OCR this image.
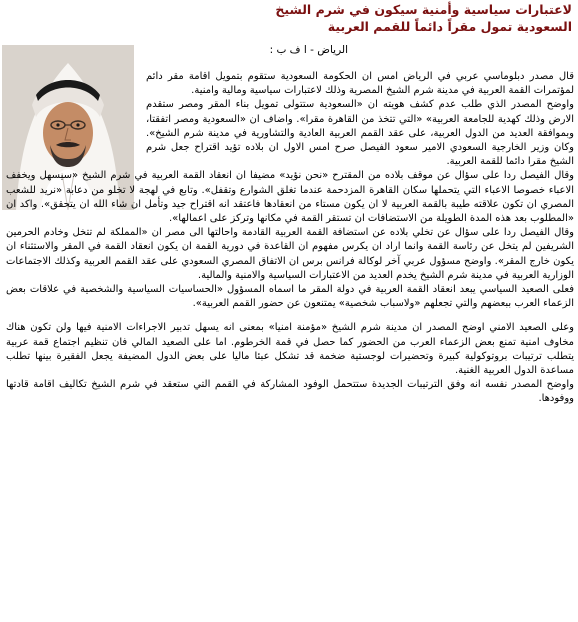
لاعتبارات سياسية وأمنية سيكون في شرم الشيخ
السعودية تمول مقراً دائماً للقمم العربية
الرياض - ا ف ب :

قال مصدر دبلوماسي عربي في الرياض امس ان الحكومة السعودية ستقوم بتمويل اقامة مقر دائم لمؤتمرات القمة العربية في مدينة شرم الشيخ المصرية وذلك لاعتبارات سياسية ومالية وامنية.

واوضح المصدر الذي طلب عدم كشف هويته ان «السعودية ستتولى تمويل بناء المقر ومصر ستقدم الارض وذلك كهدية للجامعة العربية» «التي تتخذ من القاهرة مقرا». واضاف ان «السعودية ومصر اتفقتا، وبموافقة العديد من الدول العربية، على عقد القمم العربية العادية والتشاورية في مدينة شرم الشيخ». وكان وزير الخارجية السعودي الامير سعود الفيصل صرح امس الاول ان بلاده تؤيد اقتراح جعل شرم الشيخ مقرا دائما للقمة العربية.

وقال الفيصل ردا على سؤال عن موقف بلاده من المقترح «نحن نؤيد» مضيفا ان انعقاد القمة العربية في شرم الشيخ «سيسهل ويخفف الاعباء خصوصا الاعباء التي يتحملها سكان القاهرة المزدحمة عندما تغلق الشوارع وتقفل». وتابع في لهجة لا تخلو من دعابة «نريد للشعب المصري ان تكون علاقته طيبة بالقمة العربية لا ان يكون مستاء من انعقادها فاعتقد انه اقتراح جيد وتأمل ان شاء الله ان يتحقق». واكد ان «المطلوب بعد هذه المدة الطويلة من الاستضافات ان تستقر القمة في مكانها وتركز على اعمالها».

وقال الفيصل ردا على سؤال عن تخلي بلاده عن استضافة القمة العربية القادمة واحالتها الى مصر ان «المملكة لم تتخل وخادم الحرمين الشريفين لم يتخل عن رئاسة القمة وانما اراد ان يكرس مفهوم ان القاعدة في دورية القمة ان يكون انعقاد القمة في المقر والاستثناء ان يكون خارج المقر». واوضح مسؤول عربي آخر لوكالة فرانس برس ان الاتفاق المصري السعودي على عقد القمم العربية وكذلك الاجتماعات الوزارية العربية في مدينة شرم الشيخ يخدم العديد من الاعتبارات السياسية والامنية والمالية.

فعلى الصعيد السياسي يبعد انعقاد القمة العربية في دولة المقر ما اسماه المسؤول «الحساسيات السياسية والشخصية في علاقات بعض الزعماء العرب ببعضهم والتي تجعلهم «ولاسباب شخصية» يمتنعون عن حضور القمم العربية».

وعلى الصعيد الامني اوضح المصدر ان مدينة شرم الشيخ «مؤمنة امنيا» بمعنى انه يسهل تدبير الاجراءات الامنية فيها ولن تكون هناك مخاوف امنية تمنع بعض الزعماء العرب من الحضور كما حصل في قمة الخرطوم. اما على الصعيد المالي فان تنظيم اجتماع قمة عربية يتطلب ترتيبات بروتوكولية كبيرة وتحضيرات لوجستية ضخمة قد تشكل عبئا ماليا على بعض الدول المضيفة يجعل الفقيرة بينها تطلب مساعدة الدول العربية الغنية.

واوضح المصدر نفسه انه وفق الترتيبات الجديدة ستتحمل الوفود المشاركة في القمم التي ستعقد في شرم الشيخ تكاليف اقامة قادتها ووفودها.
